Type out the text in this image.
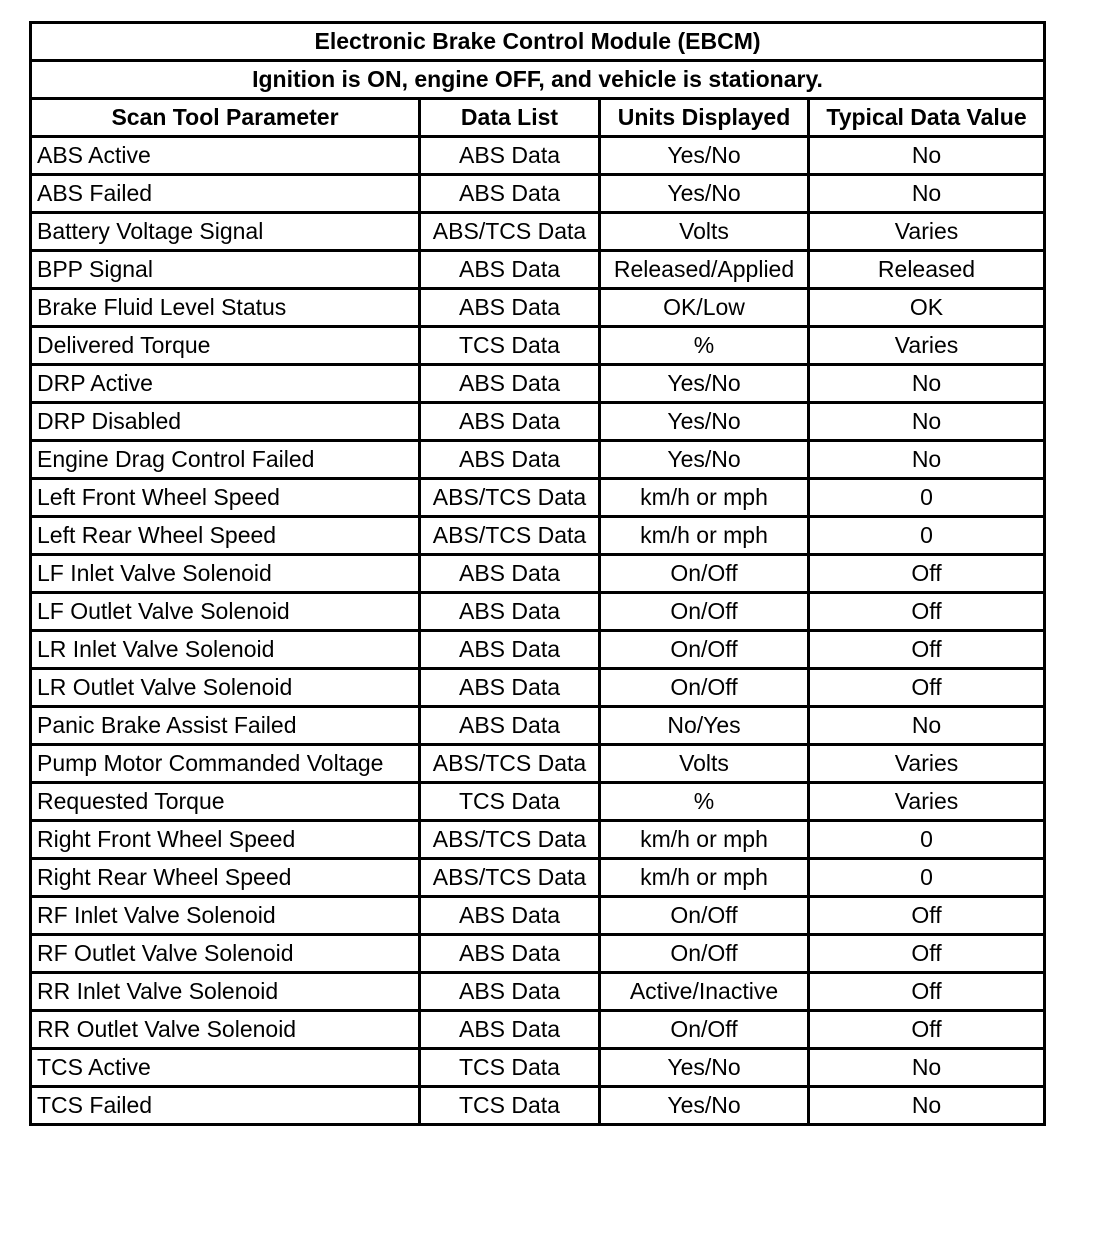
Electronic Brake Control Module (EBCM)			
Ignition is ON, engine OFF, and vehicle is stationary.			
Scan Tool Parameter	Data List	Units Displayed	Typical Data Value
ABS Active	ABS Data	Yes/No	No
ABS Failed	ABS Data	Yes/No	No
Battery Voltage Signal	ABS/TCS Data	Volts	Varies
BPP Signal	ABS Data	Released/Applied	Released
Brake Fluid Level Status	ABS Data	OK/Low	OK
Delivered Torque	TCS Data	%	Varies
DRP Active	ABS Data	Yes/No	No
DRP Disabled	ABS Data	Yes/No	No
Engine Drag Control Failed	ABS Data	Yes/No	No
Left Front Wheel Speed	ABS/TCS Data	km/h or mph	0
Left Rear Wheel Speed	ABS/TCS Data	km/h or mph	0
LF Inlet Valve Solenoid	ABS Data	On/Off	Off
LF Outlet Valve Solenoid	ABS Data	On/Off	Off
LR Inlet Valve Solenoid	ABS Data	On/Off	Off
LR Outlet Valve Solenoid	ABS Data	On/Off	Off
Panic Brake Assist Failed	ABS Data	No/Yes	No
Pump Motor Commanded Voltage	ABS/TCS Data	Volts	Varies
Requested Torque	TCS Data	%	Varies
Right Front Wheel Speed	ABS/TCS Data	km/h or mph	0
Right Rear Wheel Speed	ABS/TCS Data	km/h or mph	0
RF Inlet Valve Solenoid	ABS Data	On/Off	Off
RF Outlet Valve Solenoid	ABS Data	On/Off	Off
RR Inlet Valve Solenoid	ABS Data	Active/Inactive	Off
RR Outlet Valve Solenoid	ABS Data	On/Off	Off
TCS Active	TCS Data	Yes/No	No
TCS Failed	TCS Data	Yes/No	No
